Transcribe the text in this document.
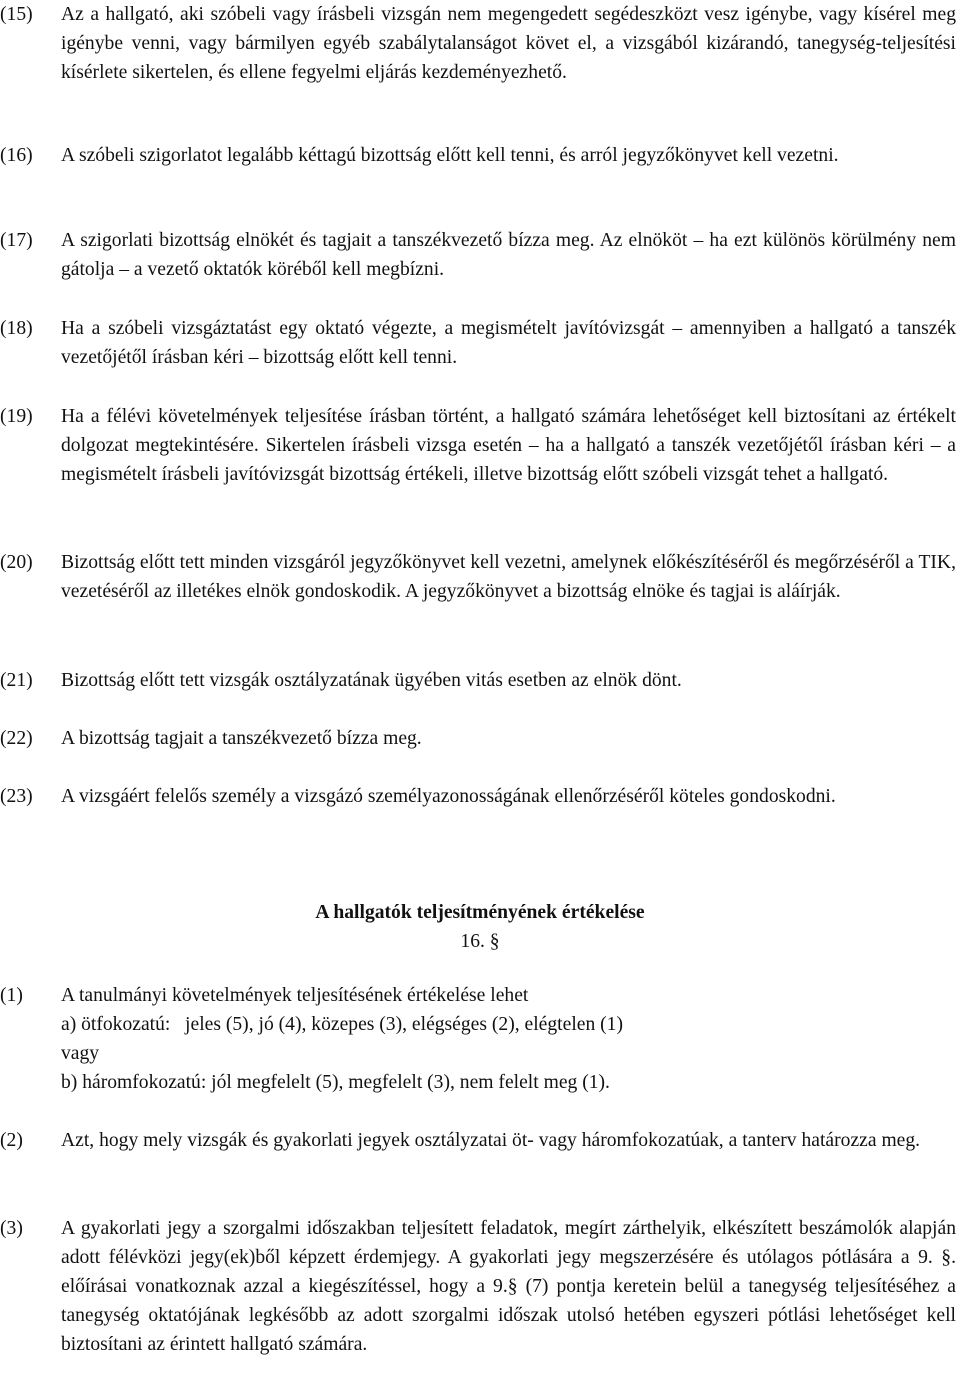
(15)	Az a hallgató, aki szóbeli vagy írásbeli vizsgán nem megengedett segédeszközt vesz igénybe, vagy kísérel meg igénybe venni, vagy bármilyen egyéb szabálytalanságot követ el, a vizsgából kizárandó, tanegység-teljesítési kísérlete sikertelen, és ellene fegyelmi eljárás kezdeményezhető.
(16)	A szóbeli szigorlatot legalább kéttagú bizottság előtt kell tenni, és arról jegyzőkönyvet kell vezetni.
(17)	A szigorlati bizottság elnökét és tagjait a tanszékvezető bízza meg. Az elnököt – ha ezt különös körülmény nem gátolja – a vezető oktatók köréből kell megbízni.
(18)	Ha a szóbeli vizsgáztatást egy oktató végezte, a megismételt javítóvizsgát – amennyiben a hallgató a tanszék vezetőjétől írásban kéri – bizottság előtt kell tenni.
(19)	Ha a félévi követelmények teljesítése írásban történt, a hallgató számára lehetőséget kell biztosítani az értékelt dolgozat megtekintésére. Sikertelen írásbeli vizsga esetén – ha a hallgató a tanszék vezetőjétől írásban kéri – a megismételt írásbeli javítóvizsgát bizottság értékeli, illetve bizottság előtt szóbeli vizsgát tehet a hallgató.
(20)	Bizottság előtt tett minden vizsgáról jegyzőkönyvet kell vezetni, amelynek előkészítéséről és megőrzéséről a TIK, vezetéséről az illetékes elnök gondoskodik. A jegyzőkönyvet a bizottság elnöke és tagjai is aláírják.
(21)	Bizottság előtt tett vizsgák osztályzatának ügyében vitás esetben az elnök dönt.
(22)	A bizottság tagjait a tanszékvezető bízza meg.
(23)	A vizsgáért felelős személy a vizsgázó személyazonosságának ellenőrzéséről köteles gondoskodni.
A hallgatók teljesítményének értékelése
16. §
(1)	A tanulmányi követelmények teljesítésének értékelése lehet
a) ötfokozatú:   jeles (5), jó (4), közepes (3), elégséges (2), elégtelen (1)
vagy
b) háromfokozatú: jól megfelelt (5), megfelelt (3), nem felelt meg (1).
(2)	Azt, hogy mely vizsgák és gyakorlati jegyek osztályzatai öt- vagy háromfokozatúak, a tanterv határozza meg.
(3)	A gyakorlati jegy a szorgalmi időszakban teljesített feladatok, megírt zárthelyik, elkészített beszámolók alapján adott félévközi jegy(ek)ből képzett érdemjegy. A gyakorlati jegy megszerzésére és utólagos pótlására a 9. §. előírásai vonatkoznak azzal a kiegészítéssel, hogy a 9.§ (7) pontja keretein belül a tanegység teljesítéséhez a tanegység oktatójának legkésőbb az adott szorgalmi időszak utolsó hetében egyszeri pótlási lehetőséget kell biztosítani az érintett hallgató számára.
